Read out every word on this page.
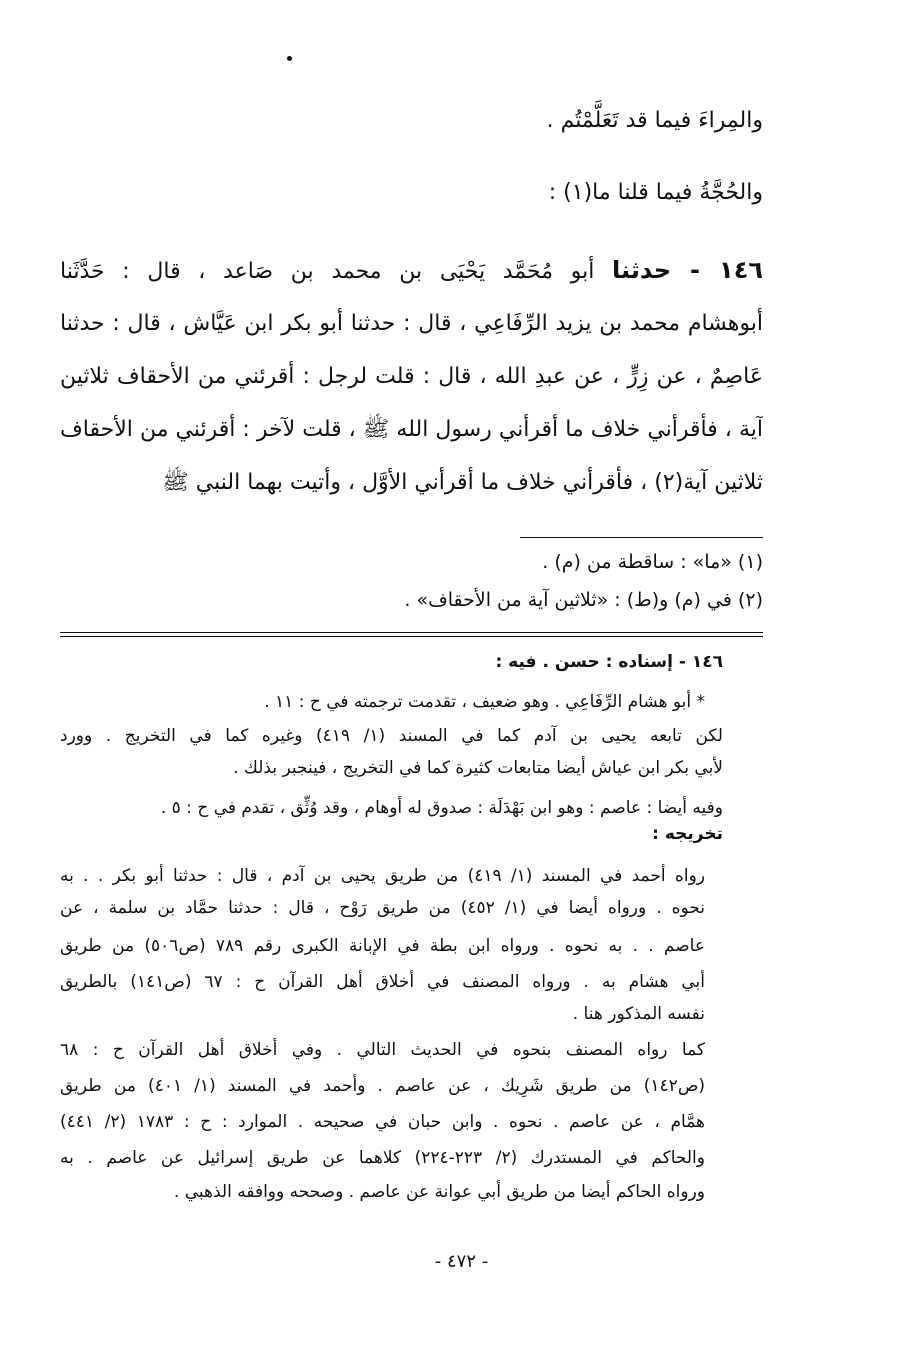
والمِراءَ فيما قد تَعَلَّمْتُم .
والحُجَّةُ فيما قلنا ما(١) :
١٤٦ - حدثنا أبو مُحَمَّد يَحْيَى بن محمد بن صَاعد ، قال : حَدَّثَنا
أبوهشام محمد بن يزيد الرِّفَاعِي ، قال : حدثنا أبو بكر ابن عَيَّاش ، قال : حدثنا
عَاصِمٌ ، عن زِرٍّ ، عن عبدِ الله ، قال : قلت لرجل : أقرئني من الأحقاف ثلاثين
آية ، فأقرأني خلاف ما أقرأني رسول الله ﷺ ، قلت لآخر : أقرئني من الأحقاف
ثلاثين آية(٢) ، فأقرأني خلاف ما أقرأني الأوَّل ، وأتيت بهما النبي ﷺ
(١) «ما» : ساقطة من (م) .
(٢) في (م) و(ط) : «ثلاثين آية من الأحقاف» .
١٤٦ - إسناده : حسن . فيه :
* أبو هشام الرِّفَاعِي . وهو ضعيف ، تقدمت ترجمته في ح : ١١ .
لكن تابعه يحيى بن آدم كما في المسند (١/ ٤١٩) وغيره كما في التخريج . وورد
لأبي بكر ابن عياش أيضا متابعات كثيرة كما في التخريج ، فينجبر بذلك .
وفيه أيضا : عاصم : وهو ابن بَهْدَلَة : صدوق له أوهام ، وقد وُثِّق ، تقدم في ح : ٥ .
تخريجه :
رواه أحمد في المسند (١/ ٤١٩) من طريق يحيى بن آدم ، قال : حدثنا أبو بكر . . به
نحوه . ورواه أيضا في (١/ ٤٥٢) من طريق رَوْح ، قال : حدثنا حمَّاد بن سلمة ، عن
عاصم . . به نحوه . ورواه ابن بطة في الإبانة الكبرى رقم ٧٨٩ (ص٥٠٦) من طريق
أبي هشام به . ورواه المصنف في أخلاق أهل القرآن ح : ٦٧ (ص١٤١) بالطريق
نفسه المذكور هنا .
كما رواه المصنف بنحوه في الحديث التالي . وفي أخلاق أهل القرآن ح : ٦٨
(ص١٤٢) من طريق شَرِيك ، عن عاصم . وأحمد في المسند (١/ ٤٠١) من طريق
همَّام ، عن عاصم . نحوه . وابن حبان في صحيحه . الموارد : ح : ١٧٨٣ (٢/ ٤٤١)
والحاكم في المستدرك (٢/ ٢٢٣-٢٢٤) كلاهما عن طريق إسرائيل عن عاصم . به
ورواه الحاكم أيضا من طريق أبي عوانة عن عاصم . وصححه ووافقه الذهبي .
- ٤٧٢ -
